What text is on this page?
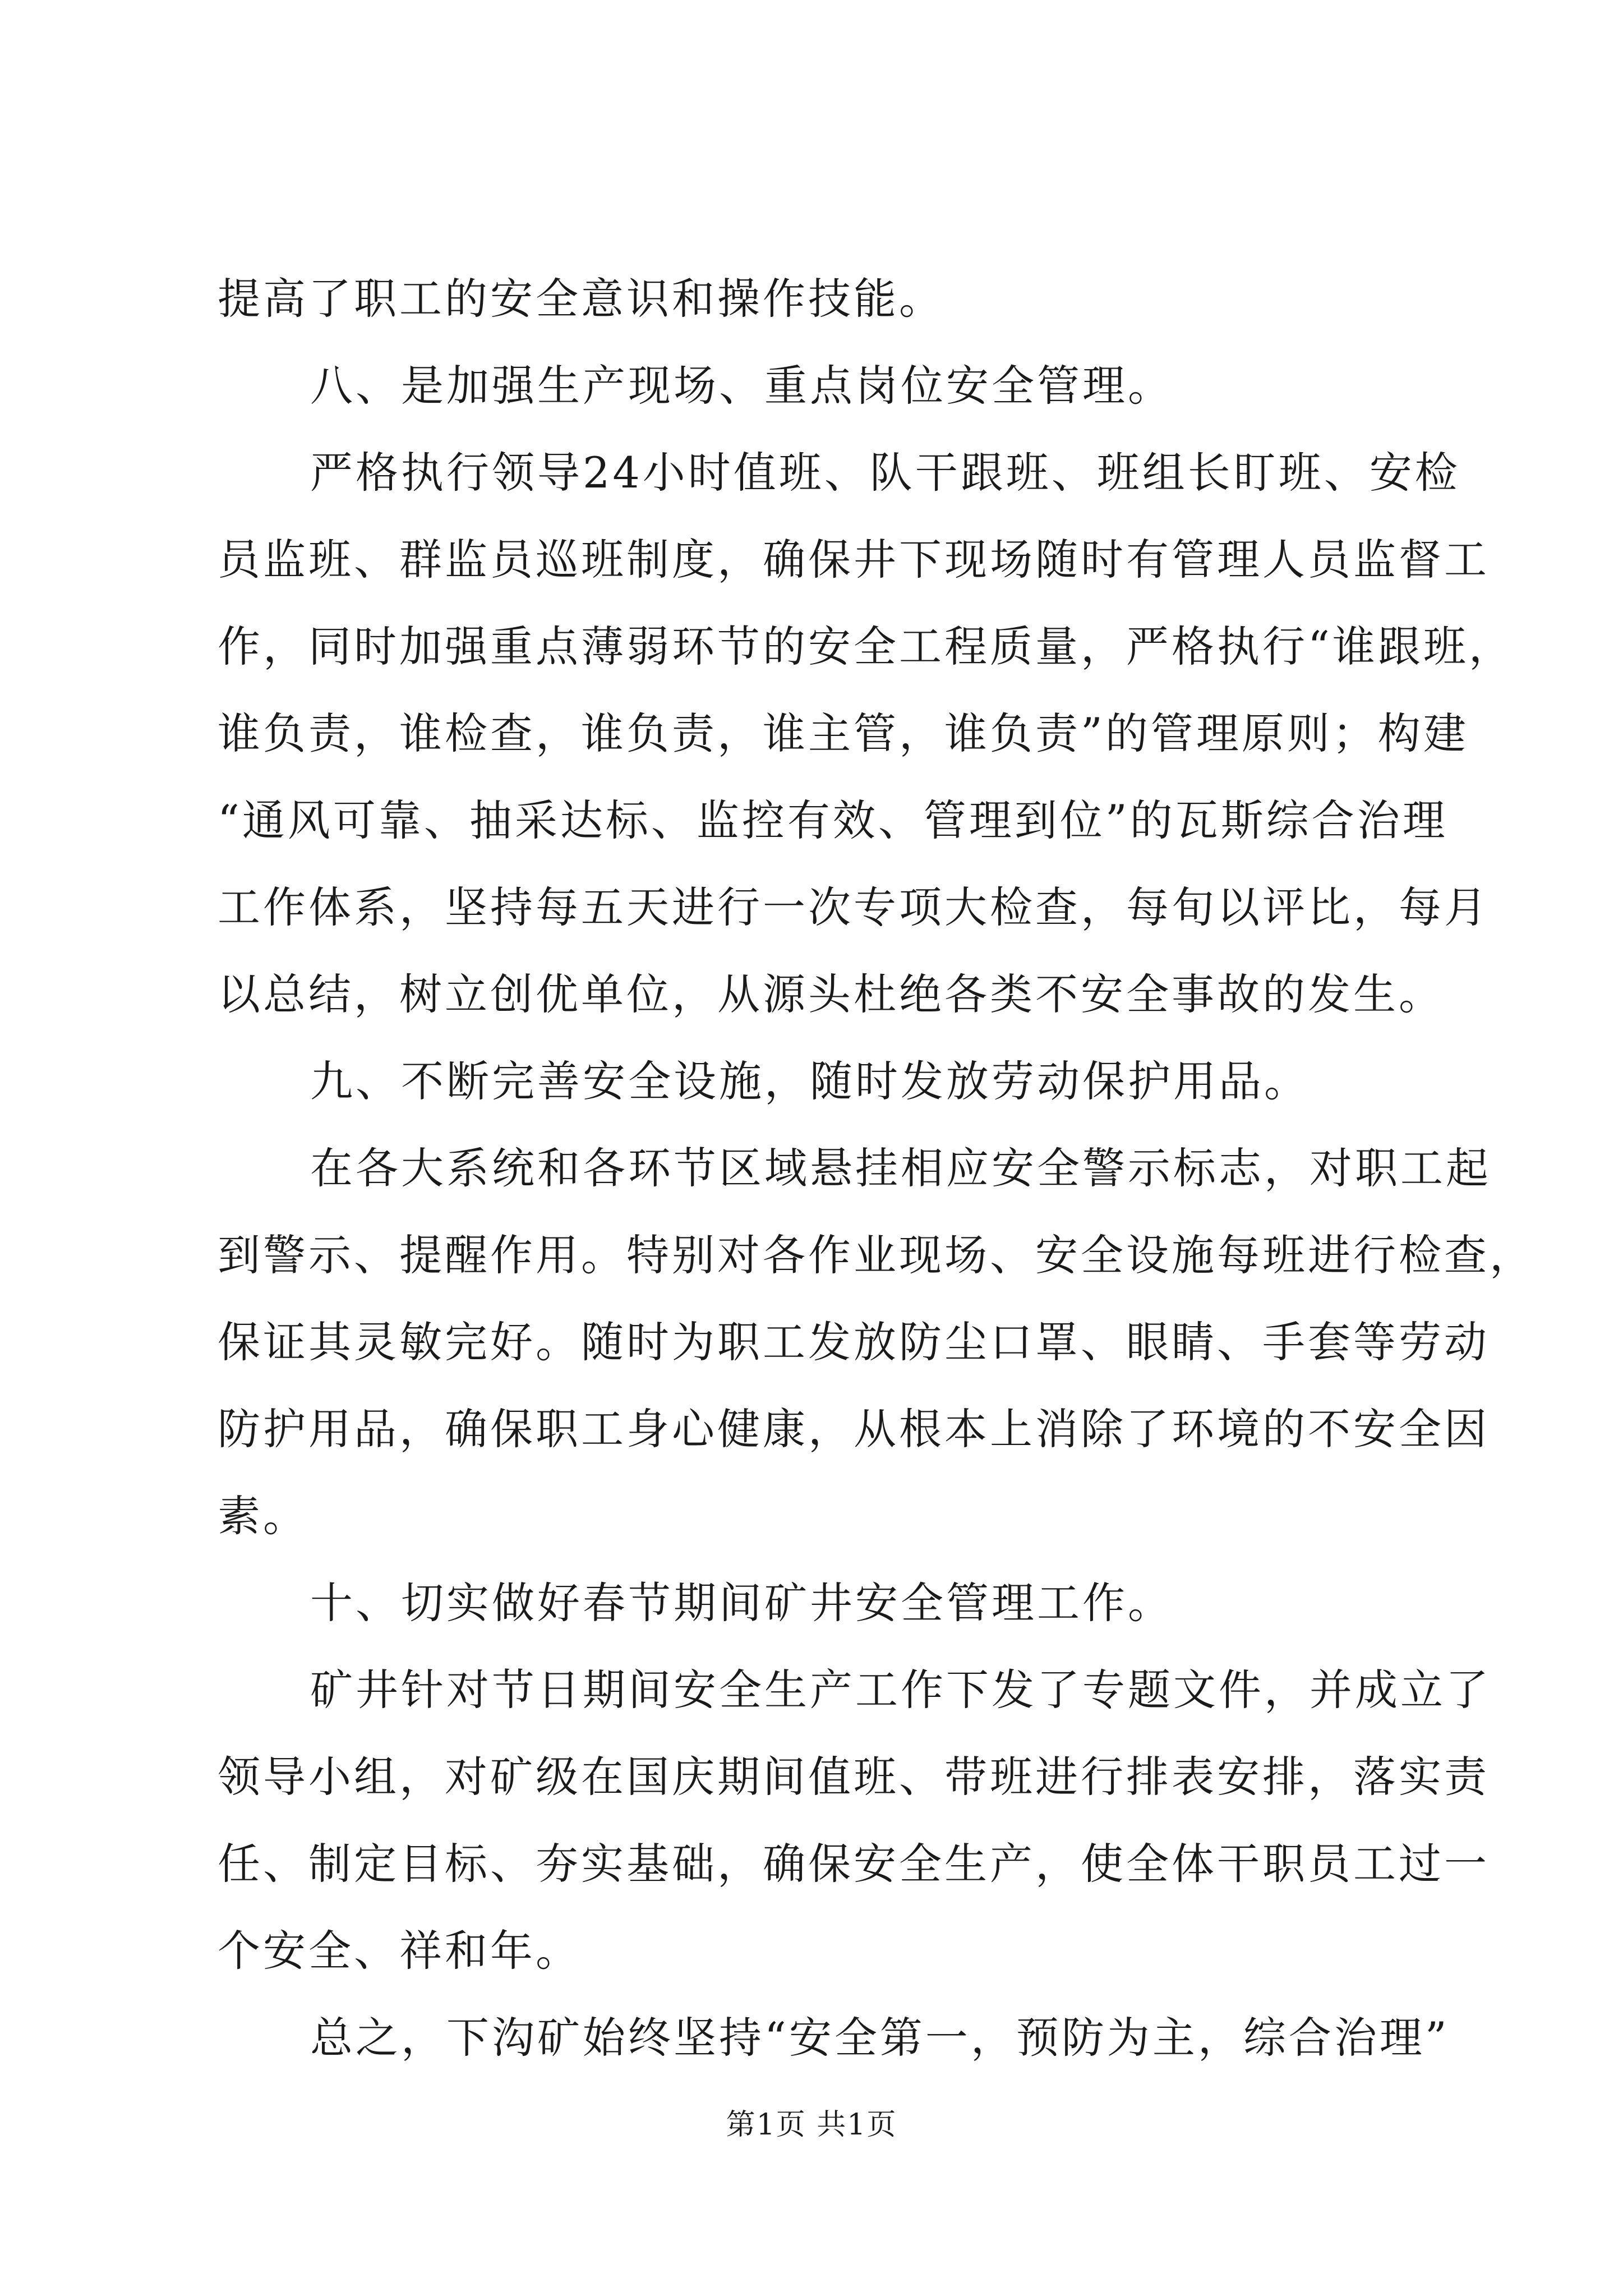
提高了职工的安全意识和操作技能。
八、是加强生产现场、重点岗位安全管理。
严格执行领导24小时值班、队干跟班、班组长盯班、安检
员监班、群监员巡班制度，确保井下现场随时有管理人员监督工
作，同时加强重点薄弱环节的安全工程质量，严格执行“谁跟班，
谁负责，谁检查，谁负责，谁主管，谁负责”的管理原则；构建
“通风可靠、抽采达标、监控有效、管理到位”的瓦斯综合治理
工作体系，坚持每五天进行一次专项大检查，每旬以评比，每月
以总结，树立创优单位，从源头杜绝各类不安全事故的发生。
九、不断完善安全设施，随时发放劳动保护用品。
在各大系统和各环节区域悬挂相应安全警示标志，对职工起
到警示、提醒作用。特别对各作业现场、安全设施每班进行检查，
保证其灵敏完好。随时为职工发放防尘口罩、眼睛、手套等劳动
防护用品，确保职工身心健康，从根本上消除了环境的不安全因
素。
十、切实做好春节期间矿井安全管理工作。
矿井针对节日期间安全生产工作下发了专题文件，并成立了
领导小组，对矿级在国庆期间值班、带班进行排表安排，落实责
任、制定目标、夯实基础，确保安全生产，使全体干职员工过一
个安全、祥和年。
总之，下沟矿始终坚持“安全第一，预防为主，综合治理”
第1页 共1页
